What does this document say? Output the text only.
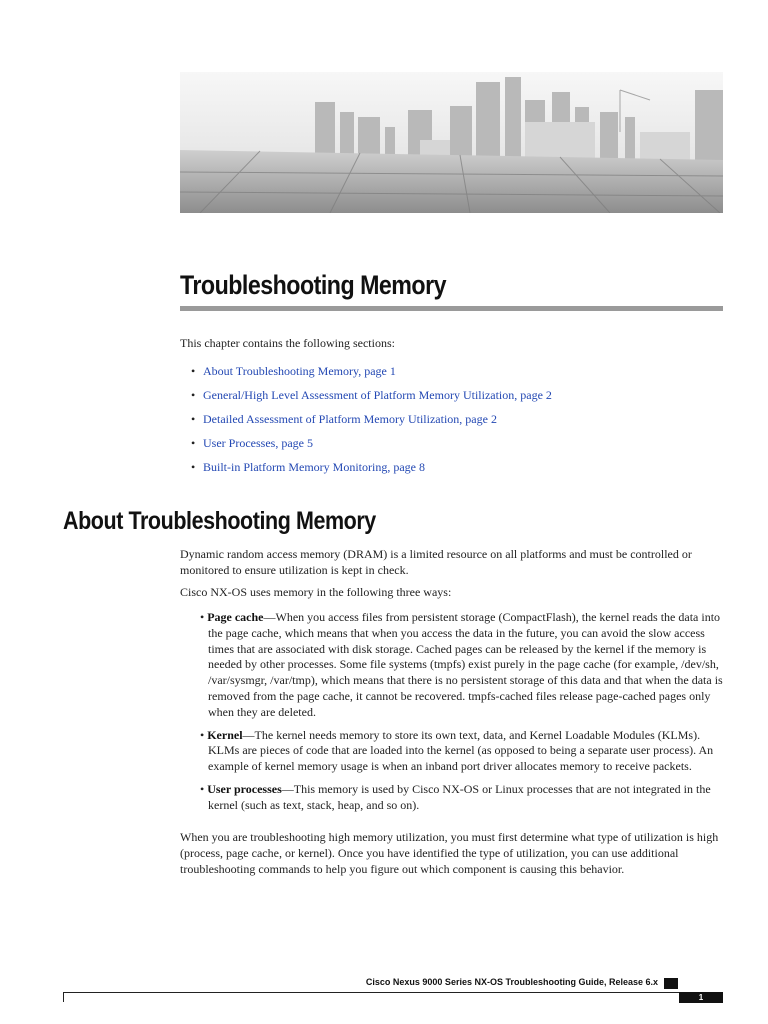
Troubleshooting Memory
This chapter contains the following sections:
• About Troubleshooting Memory, page 1
• General/High Level Assessment of Platform Memory Utilization, page 2
• Detailed Assessment of Platform Memory Utilization, page 2
• User Processes, page 5
• Built-in Platform Memory Monitoring, page 8
About Troubleshooting Memory

Dynamic random access memory (DRAM) is a limited resource on all platforms and must be controlled or monitored to ensure utilization is kept in check.

Cisco NX-OS uses memory in the following three ways:

• Page cache—When you access files from persistent storage (CompactFlash), the kernel reads the data into the page cache, which means that when you access the data in the future, you can avoid the slow access times that are associated with disk storage. Cached pages can be released by the kernel if the memory is needed by other processes. Some file systems (tmpfs) exist purely in the page cache (for example, /dev/sh, /var/sysmgr, /var/tmp), which means that there is no persistent storage of this data and that when the data is removed from the page cache, it cannot be recovered. tmpfs-cached files release page-cached pages only when they are deleted.
• Kernel—The kernel needs memory to store its own text, data, and Kernel Loadable Modules (KLMs). KLMs are pieces of code that are loaded into the kernel (as opposed to being a separate user process). An example of kernel memory usage is when an inband port driver allocates memory to receive packets.
• User processes—This memory is used by Cisco NX-OS or Linux processes that are not integrated in the kernel (such as text, stack, heap, and so on).

When you are troubleshooting high memory utilization, you must first determine what type of utilization is high (process, page cache, or kernel). Once you have identified the type of utilization, you can use additional troubleshooting commands to help you figure out which component is causing this behavior.

Cisco Nexus 9000 Series NX-OS Troubleshooting Guide, Release 6.x
1
